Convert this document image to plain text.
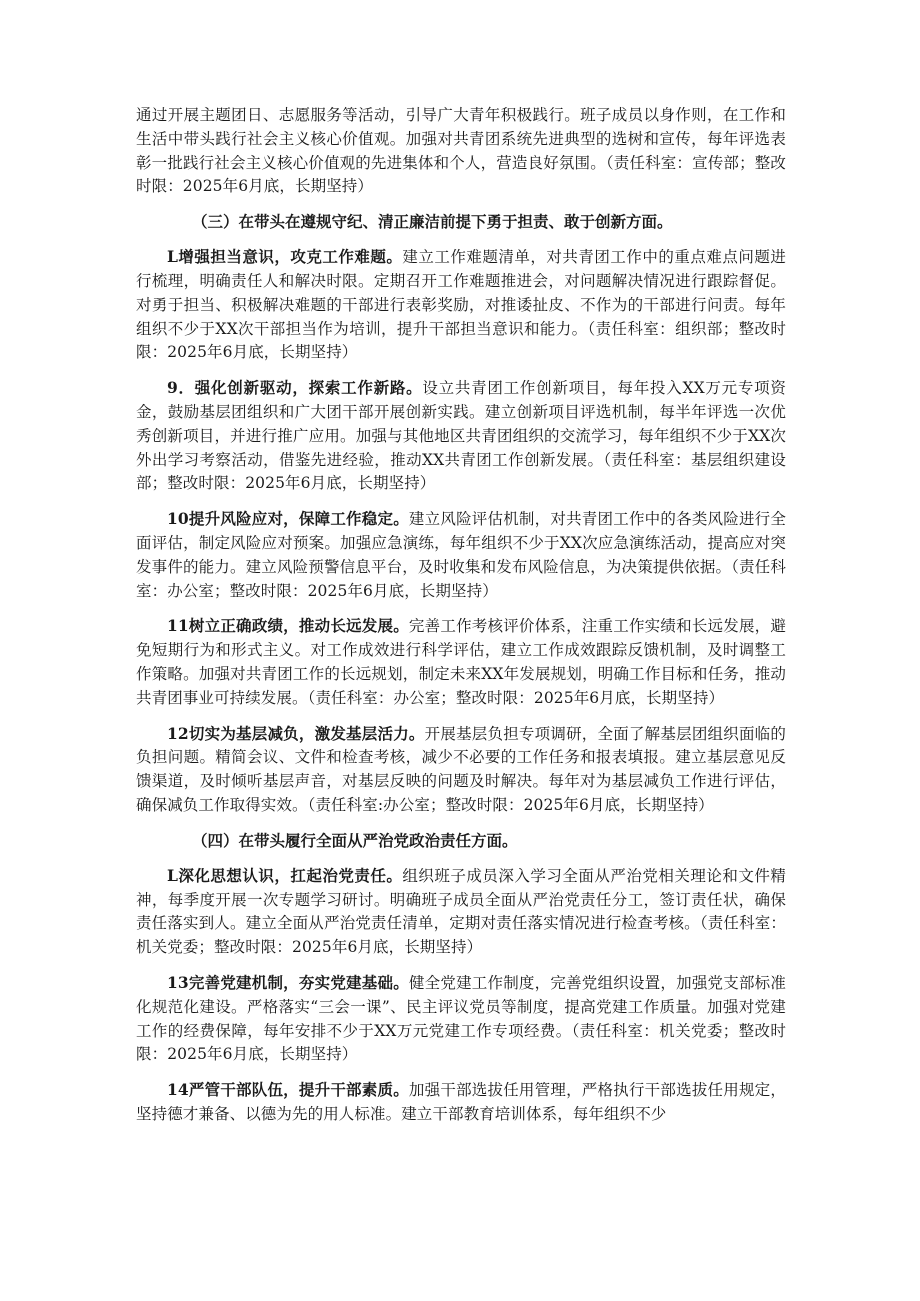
通过开展主题团日、志愿服务等活动，引导广大青年积极践行。班子成员以身作则，在工作和生活中带头践行社会主义核心价值观。加强对共青团系统先进典型的选树和宣传，每年评选表彰一批践行社会主义核心价值观的先进集体和个人，营造良好氛围。（责任科室：宣传部；整改时限：2025年6月底，长期坚持）

（三）在带头在遵规守纪、清正廉洁前提下勇于担责、敢于创新方面。

L增强担当意识，攻克工作难题。建立工作难题清单，对共青团工作中的重点难点问题进行梳理，明确责任人和解决时限。定期召开工作难题推进会，对问题解决情况进行跟踪督促。对勇于担当、积极解决难题的干部进行表彰奖励，对推诿扯皮、不作为的干部进行问责。每年组织不少于XX次干部担当作为培训，提升干部担当意识和能力。（责任科室：组织部；整改时限：2025年6月底，长期坚持）

9．强化创新驱动，探索工作新路。设立共青团工作创新项目，每年投入XX万元专项资金，鼓励基层团组织和广大团干部开展创新实践。建立创新项目评选机制，每半年评选一次优秀创新项目，并进行推广应用。加强与其他地区共青团组织的交流学习，每年组织不少于XX次外出学习考察活动，借鉴先进经验，推动XX共青团工作创新发展。（责任科室：基层组织建设部；整改时限：2025年6月底，长期坚持）

10提升风险应对，保障工作稳定。建立风险评估机制，对共青团工作中的各类风险进行全面评估，制定风险应对预案。加强应急演练，每年组织不少于XX次应急演练活动，提高应对突发事件的能力。建立风险预警信息平台，及时收集和发布风险信息，为决策提供依据。（责任科室：办公室；整改时限：2025年6月底，长期坚持）

11树立正确政绩，推动长远发展。完善工作考核评价体系，注重工作实绩和长远发展，避免短期行为和形式主义。对工作成效进行科学评估，建立工作成效跟踪反馈机制，及时调整工作策略。加强对共青团工作的长远规划，制定未来XX年发展规划，明确工作目标和任务，推动共青团事业可持续发展。（责任科室：办公室；整改时限：2025年6月底，长期坚持）

12切实为基层减负，激发基层活力。开展基层负担专项调研，全面了解基层团组织面临的负担问题。精简会议、文件和检查考核，减少不必要的工作任务和报表填报。建立基层意见反馈渠道，及时倾听基层声音，对基层反映的问题及时解决。每年对为基层减负工作进行评估，确保减负工作取得实效。（责任科室:办公室；整改时限：2025年6月底，长期坚持）

（四）在带头履行全面从严治党政治责任方面。

L深化思想认识，扛起治党责任。组织班子成员深入学习全面从严治党相关理论和文件精神，每季度开展一次专题学习研讨。明确班子成员全面从严治党责任分工，签订责任状，确保责任落实到人。建立全面从严治党责任清单，定期对责任落实情况进行检查考核。（责任科室：机关党委；整改时限：2025年6月底，长期坚持）

13完善党建机制，夯实党建基础。健全党建工作制度，完善党组织设置，加强党支部标准化规范化建设。严格落实“三会一课”、民主评议党员等制度，提高党建工作质量。加强对党建工作的经费保障，每年安排不少于XX万元党建工作专项经费。（责任科室：机关党委；整改时限：2025年6月底，长期坚持）

14严管干部队伍，提升干部素质。加强干部选拔任用管理，严格执行干部选拔任用规定，坚持德才兼备、以德为先的用人标准。建立干部教育培训体系，每年组织不少
